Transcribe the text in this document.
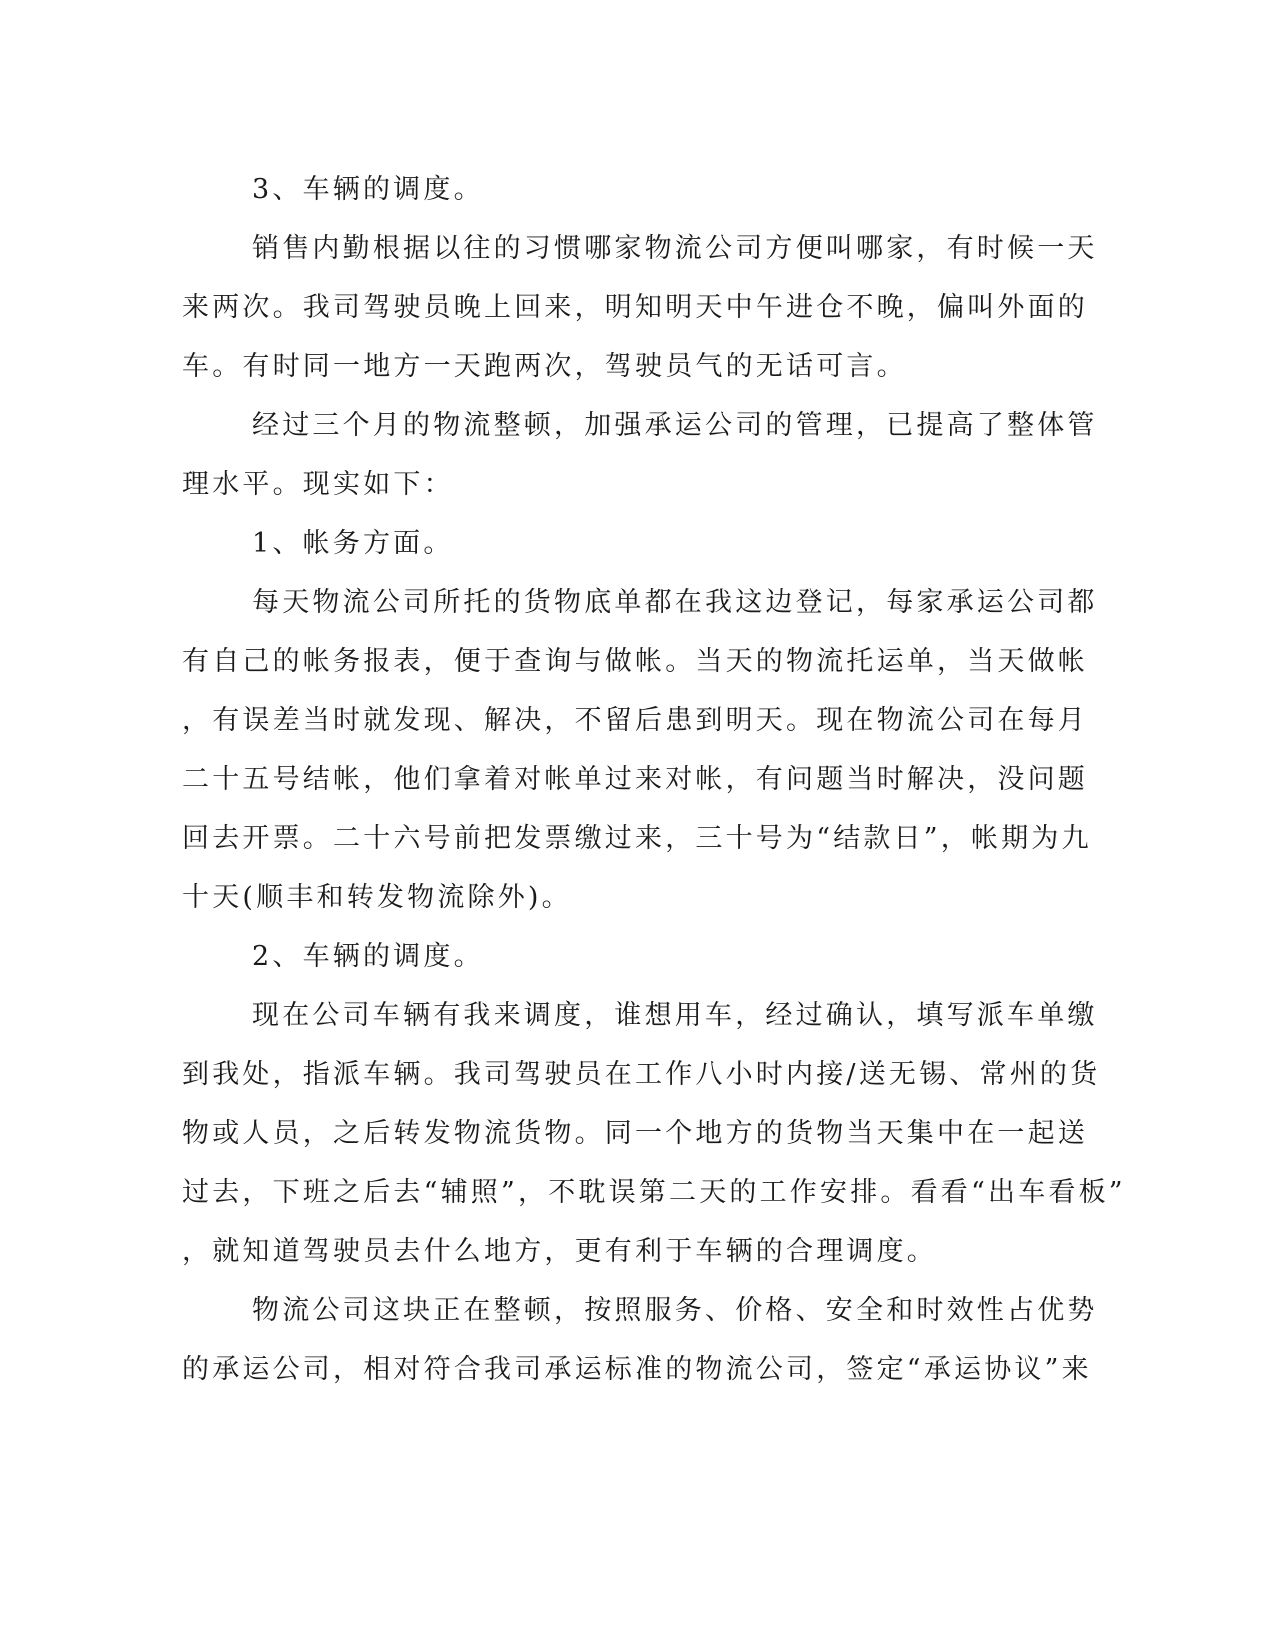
3、车辆的调度。
销售内勤根据以往的习惯哪家物流公司方便叫哪家，有时候一天
来两次。我司驾驶员晚上回来，明知明天中午进仓不晚，偏叫外面的
车。有时同一地方一天跑两次，驾驶员气的无话可言。
经过三个月的物流整顿，加强承运公司的管理，已提高了整体管
理水平。现实如下：
1、帐务方面。
每天物流公司所托的货物底单都在我这边登记，每家承运公司都
有自己的帐务报表，便于查询与做帐。当天的物流托运单，当天做帐
，有误差当时就发现、解决，不留后患到明天。现在物流公司在每月
二十五号结帐，他们拿着对帐单过来对帐，有问题当时解决，没问题
回去开票。二十六号前把发票缴过来，三十号为“结款日”，帐期为九
十天(顺丰和转发物流除外)。
2、车辆的调度。
现在公司车辆有我来调度，谁想用车，经过确认，填写派车单缴
到我处，指派车辆。我司驾驶员在工作八小时内接/送无锡、常州的货
物或人员，之后转发物流货物。同一个地方的货物当天集中在一起送
过去，下班之后去“辅照”，不耽误第二天的工作安排。看看“出车看板”
，就知道驾驶员去什么地方，更有利于车辆的合理调度。
物流公司这块正在整顿，按照服务、价格、安全和时效性占优势
的承运公司，相对符合我司承运标准的物流公司，签定“承运协议”来
